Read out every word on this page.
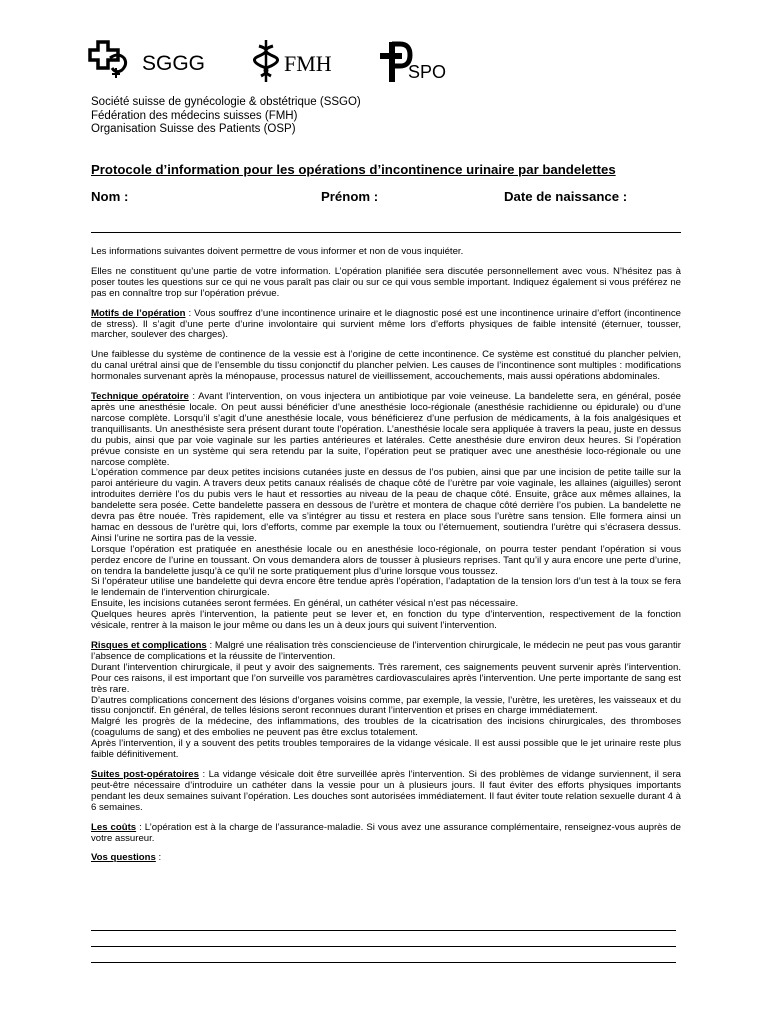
SGGG	FMH	SPO
Société suisse de gynécologie & obstétrique (SSGO)
Fédération des médecins suisses (FMH)
Organisation Suisse des Patients (OSP)
Protocole d’information pour les opérations d’incontinence urinaire par bandelettes
Nom :	Prénom :	Date de naissance :

Les informations suivantes doivent permettre de vous informer et non de vous inquiéter.

Elles ne constituent qu’une partie de votre information. L’opération planifiée sera discutée personnellement avec vous. N’hésitez pas à poser toutes les questions sur ce qui ne vous paraît pas clair ou sur ce qui vous semble important. Indiquez également si vous préférez ne pas en connaître trop sur l’opération prévue.

Motifs de l’opération : Vous souffrez d’une incontinence urinaire et le diagnostic posé est une incontinence urinaire d’effort (incontinence de stress). Il s’agit d’une perte d’urine involontaire qui survient même lors d’efforts physiques de faible intensité (éternuer, tousser, marcher, soulever des charges).

Une faiblesse du système de continence de la vessie est à l’origine de cette incontinence. Ce système est constitué du plancher pelvien, du canal urétral ainsi que de l’ensemble du tissu conjonctif du plancher pelvien. Les causes de l’incontinence sont multiples : modifications hormonales survenant après la ménopause, processus naturel de vieillissement, accouchements, mais aussi opérations abdominales.

Technique opératoire : Avant l’intervention, on vous injectera un antibiotique par voie veineuse. La bandelette sera, en général, posée après une anesthésie locale. On peut aussi bénéficier d’une anesthésie loco-régionale (anesthésie rachidienne ou épidurale) ou d’une narcose complète. Lorsqu’il s’agit d’une anesthésie locale, vous bénéficierez d’une perfusion de médicaments, à la fois analgésiques et tranquillisants. Un anesthésiste sera présent durant toute l’opération. L’anesthésie locale sera appliquée à travers la peau, juste en dessus du pubis, ainsi que par voie vaginale sur les parties antérieures et latérales. Cette anesthésie dure environ deux heures. Si l’opération prévue consiste en un système qui sera retendu par la suite, l’opération peut se pratiquer avec une anesthésie loco-régionale ou une narcose complète.

L’opération commence par deux petites incisions cutanées juste en dessus de l’os pubien, ainsi que par une incision de petite taille sur la paroi antérieure du vagin. A travers deux petits canaux réalisés de chaque côté de l’urètre par voie vaginale, les allaines (aiguilles) seront introduites derrière l’os du pubis vers le haut et ressorties au niveau de la peau de chaque côté. Ensuite, grâce aux mêmes allaines, la bandelette sera posée. Cette bandelette passera en dessous de l’urètre et montera de chaque côté derrière l’os pubien. La bandelette ne devra pas être nouée. Très rapidement, elle va s’intégrer au tissu et restera en place sous l’urètre sans tension. Elle formera ainsi un hamac en dessous de l’urètre qui, lors d’efforts, comme par exemple la toux ou l’éternuement, soutiendra l’urètre qui s’écrasera dessus. Ainsi l’urine ne sortira pas de la vessie.

Lorsque l’opération est pratiquée en anesthésie locale ou en anesthésie loco-régionale, on pourra tester pendant l’opération si vous perdez encore de l’urine en toussant. On vous demandera alors de tousser à plusieurs reprises. Tant qu’il y aura encore une perte d’urine, on tendra la bandelette jusqu’à ce qu’il ne sorte pratiquement plus d’urine lorsque vous toussez.

Si l’opérateur utilise une bandelette qui devra encore être tendue après l’opération, l’adaptation de la tension lors d’un test à la toux se fera le lendemain de l’intervention chirurgicale.

Ensuite, les incisions cutanées seront fermées. En général, un cathéter vésical n’est pas nécessaire.

Quelques heures après l’intervention, la patiente peut se lever et, en fonction du type d’intervention, respectivement de la fonction vésicale, rentrer à la maison le jour même ou dans les un à deux jours qui suivent l’intervention.

Risques et complications : Malgré une réalisation très consciencieuse de l’intervention chirurgicale, le médecin ne peut pas vous garantir l’absence de complications et la réussite de l’intervention.

Durant l’intervention chirurgicale, il peut y avoir des saignements. Très rarement, ces saignements peuvent survenir après l’intervention. Pour ces raisons, il est important que l’on surveille vos paramètres cardiovasculaires après l’intervention. Une perte importante de sang est très rare.

D’autres complications concernent des lésions d’organes voisins comme, par exemple, la vessie, l’urètre, les uretères, les vaisseaux et du tissu conjonctif. En général, de telles lésions seront reconnues durant l’intervention et prises en charge immédiatement.

Malgré les progrès de la médecine, des inflammations, des troubles de la cicatrisation des incisions chirurgicales, des thromboses (coagulums de sang) et des embolies ne peuvent pas être exclus totalement.

Après l’intervention, il y a souvent des petits troubles temporaires de la vidange vésicale. Il est aussi possible que le jet urinaire reste plus faible définitivement.

Suites post-opératoires : La vidange vésicale doit être surveillée après l’intervention. Si des problèmes de vidange surviennent, il sera peut-être nécessaire d’introduire un cathéter dans la vessie pour un à plusieurs jours. Il faut éviter des efforts physiques importants pendant les deux semaines suivant l’opération. Les douches sont autorisées immédiatement. Il faut éviter toute relation sexuelle durant 4 à 6 semaines.

Les coûts : L’opération est à la charge de l’assurance-maladie. Si vous avez une assurance complémentaire, renseignez-vous auprès de votre assureur.

Vos questions :
